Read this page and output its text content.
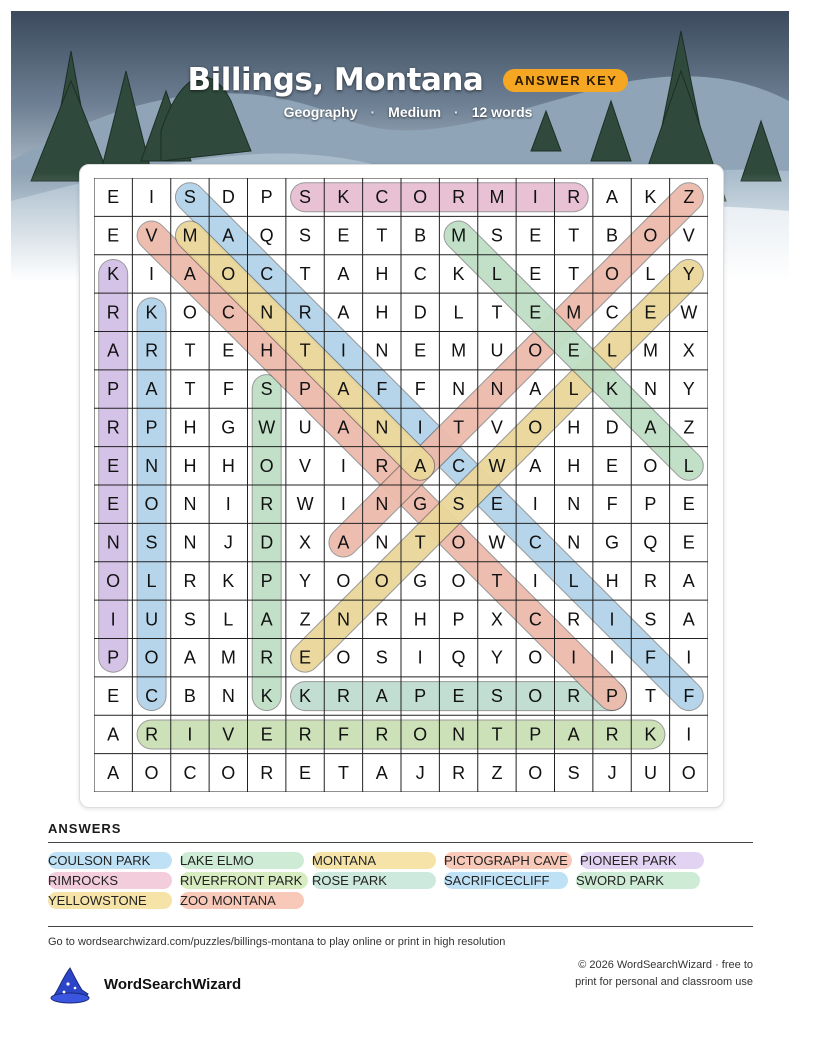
Billings, Montana	ANSWER KEY
Geography · Medium · 12 words
E I S D P S K C O R M I R A K Z
E V M A Q S E T B M S E T B O V
K I A O C T A H C K L E T O L Y
R K O C N R A H D L T E M C E W
A R T E H T I N E M U O E L M X
P A T F S P A F F N N A L K N Y
R P H G W U A N I T V O H D A Z
E N H H O V I R A C W A H E O L
E O N I R W I N G S E I N F P E
N S N J D X A N T O W C N G Q E
O L R K P Y O O G O T I L H R A
I U S L A Z N R H P X C R I S A
P O A M R E O S I Q Y O I I F I
E C B N K K R A P E S O R P T F
A R I V E R F R O N T P A R K I
A O C O R E T A J R Z O S J U O
ANSWERS
COULSON PARK	LAKE ELMO	MONTANA	PICTOGRAPH CAVE PIONEER PARK
RIMROCKS	RIVERFRONT PARK ROSE PARK	SACRIFICECLIFF	SWORD PARK
YELLOWSTONE	ZOO MONTANA
Go to wordsearchwizard.com/puzzles/billings-montana to play online or print in high resolution
WordSearchWizard
© 2026 WordSearchWizard · free to print for personal and classroom use
